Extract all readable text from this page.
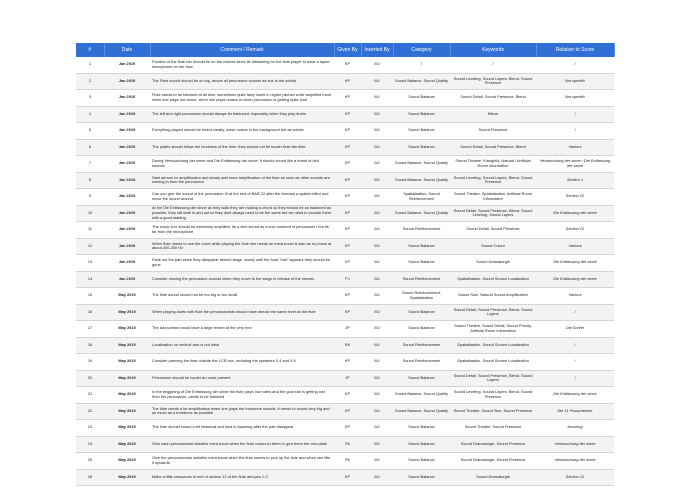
#	Date	Comment / Remark	Given By	Inserted By	Category	Keywords	Relation to Score
1	Jan 2019	Position of the flute mic should be on the clothes since its distracting for the flute player to have a taped microphone on her face	KP	MJ	/	/	/
2	Jan 2019	The Flute sound should be on top, above all percussion sounds as she is the soloist	KP	MJ	Sound Balance, Sound Quality	Sound Leveling, Sound Layers, Blend, Sound Presence	Not specific
3	Jan 2019	Flute needs to be followed at all time, sometimes quite fairly lower in higher pitches while amplified more when she plays low tones, when she plays noises or when percussion is getting quite loud	KP	MJ	Sound Balance	Sound Detail, Sound Presence, Blend	Not specific
4	Jan 2019	The left and right percussion should always be balanced, especially when they play duets	KP	MJ	Sound Balance	Blend	/
5	Jan 2019	Everything played should be heard clearly, noise noises in the background but as soloist	KP	MJ	Sound Balance	Sound Presence	/
6	Jan 2019	The plates should follow the loudness of the flute, they should not be louder than the flute	KP	MJ	Sound Balance	Sound Detail, Sound Presence, Blend	Various
7	Jan 2019	During Vertauschung der sinne and Die Entfassung der sinne: It should sound like a forest of bird sounds	KP	MJ	Sound Balance, Sound Quality	Sound Theatre, Klangbild, Natural / Artificial Room Information	Vertauschung der sinne / Die Entfassung der sinne
8	Jan 2019	Start almost no amplification and slowly add more amplification of the flute as soon as other sounds are coming in from the percussion	KP	MJ	Sound Balance, Sound Quality	Sound Leveling, Sound Layers, Blend, Sound Presence	Section 1
9	Jan 2019	Can you give the sound of the percussion III at the end of BAR 22 after the fermata a spatial effect and move the sound around	KP	MJ	Spatialisation, Sound Reinforcement	Sound Theatre, Spatialisation, Artificial Room Information	Section 22
10	Jan 2019	At the Die Entfassung der sinne as they walk they are making a chord so they should be as balanced as possible, they will fade in and out so they dont always need to be the same but we need to provide them with a good starting	KP	MJ	Sound Balance, Sound Quality	Sound Detail, Sound Presence, Blend, Sound Leveling, Sound Layers	Die Entfassung der sinne
11	Jan 2019	The music box should be extremely amplified, its a nice sound as a solo moment of percussion I but its far from the microphone	KP	MJ	Sound Reinforcement	Sound Detail, Sound Presence	Section 22
12	Jan 2019	When flute needs to use the voice while playing the flute she needs an extra boost & also an eq boost at about 200-250 Hz	KP	MJ	Sound Balance	Sound Colour	Various
13	Jan 2019	Fade out the part when they disappear behind stage, slowly until the fund "huh" appears they should be gone	KP	MJ	Sound Balance	Sound Dramaturgie	Die Entfassung der sinne
14	Jan 2019	Consider moving the percussion sounds when they move to the stage in release of the senses	PJ	MJ	Sound Reinforcement	Spatialisation, Sound Source Localisation	Die Entfassung der sinne
15	May 2019	The flute sound should not be too big or too small	KP	MJ	Sound Reinforcement, Spatialisation	Sound Size, Natural Sound Amplification	Various
16	May 2019	When playing duets with flute the percussionists should have almost the same level as the flute	KP	MJ	Sound Balance	Sound Detail, Sound Presence, Blend, Sound Layers	/
17	May 2019	The last scream could have a large reverb at the very end	JP	MJ	Sound Balance	Sound Theatre, Sound Detail, Sound Priority, Artificial Room Information	Die Schrei
18	May 2019	Localisation on vertical axis is not ideal	RK	MJ	Sound Reinforcement	Spatialisation, Sound Source Localisation	/
19	May 2019	Consider panning the flute outside the LCR box, including the speakers 0-4 and 0-5	KP	MJ	Sound Reinforcement	Spatialisation, Sound Source Localisation	/
20	May 2019	Percussion should be louder an more present	JP	MJ	Sound Balance	Sound Detail, Sound Presence, Blend, Sound Layers	/
21	May 2019	In the beggining of Die Entfassung der sinne the flute plays low notes and the gold she is getting lost from the percussion, needs to be followed	KP	MJ	Sound Balance, Sound Quality	Sound Leveling, Sound Layers, Blend, Sound Presence	Die Entfassung der sinne
22	May 2019	The flute needs a lot amplification when she plays the trombone sounds, it needs to sound very big and as much as a trombone as possible	KP	MJ	Sound Balance, Sound Quality	Sound Theatre, Sound Size, Sound Presence	Die 11 Posaunetone
23	May 2019	The flute should sound a bit historical and loud in Auszeug after the part disappear	KP	MJ	Sound Balance	Sound Theatre, Sound Presence	Auszeug
24	May 2019	Give each percussionist whistles extra boost when the flute comes to them to give them the new plate	PA	MJ	Sound Balance	Sound Dramaturgie, Sound Presence	Vertauschung der sinne
25	May 2019	Give the percussionists whistles extra boost when the flute comes to pick up the flute and when she lifts it upwards	PA	MJ	Sound Balance	Sound Dramaturgie, Sound Presence	Vertauschung der sinne
26	May 2019	Make a little crescendo in end of section 12 of the flute and jars 1-3	KP	MJ	Sound Balance	Sound Dramaturgie	Section 12
